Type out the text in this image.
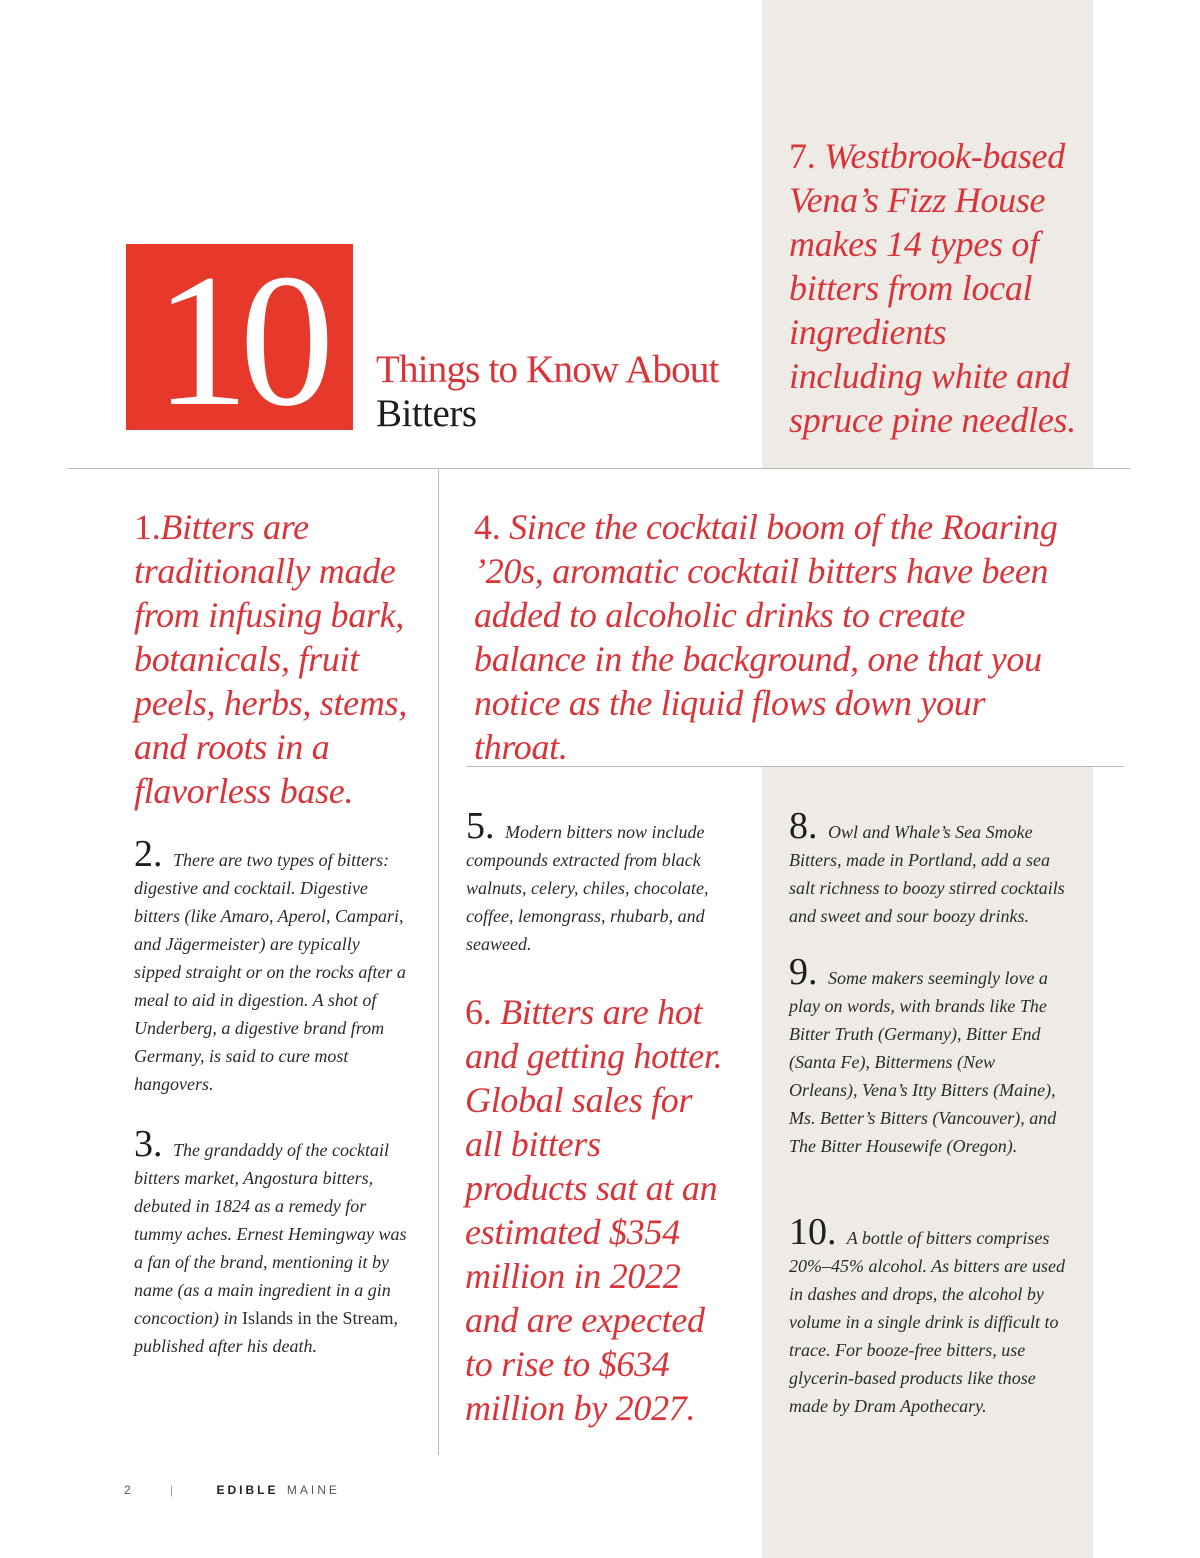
10	Things to Know About
Bitters
7. Westbrook-based Vena’s Fizz House makes 14 types of bitters from local ingredients including white and spruce pine needles.
1.Bitters are traditionally made from infusing bark, botanicals, fruit peels, herbs, stems, and roots in a flavorless base.
4. Since the cocktail boom of the Roaring ’20s, aromatic cocktail bitters have been added to alcoholic drinks to create balance in the background, one that you notice as the liquid flows down your throat.
2. There are two types of bitters: digestive and cocktail. Digestive bitters (like Amaro, Aperol, Campari, and Jägermeister) are typically sipped straight or on the rocks after a meal to aid in digestion. A shot of Underberg, a digestive brand from Germany, is said to cure most hangovers.
3. The grandaddy of the cocktail bitters market, Angostura bitters, debuted in 1824 as a remedy for tummy aches. Ernest Hemingway was a fan of the brand, mentioning it by name (as a main ingredient in a gin concoction) in Islands in the Stream, published after his death.
5. Modern bitters now include compounds extracted from black walnuts, celery, chiles, chocolate, coffee, lemongrass, rhubarb, and seaweed.
6. Bitters are hot and getting hotter. Global sales for all bitters products sat at an estimated $354 million in 2022 and are expected to rise to $634 million by 2027.
8. Owl and Whale’s Sea Smoke Bitters, made in Portland, add a sea salt richness to boozy stirred cocktails and sweet and sour boozy drinks.
9. Some makers seemingly love a play on words, with brands like The Bitter Truth (Germany), Bitter End (Santa Fe), Bittermens (New Orleans), Vena’s Itty Bitters (Maine), Ms. Better’s Bitters (Vancouver), and The Bitter Housewife (Oregon).
10. A bottle of bitters comprises 20%–45% alcohol. As bitters are used in dashes and drops, the alcohol by volume in a single drink is difficult to trace. For booze-free bitters, use glycerin-based products like those made by Dram Apothecary.
2	|	EDIBLE MAINE
